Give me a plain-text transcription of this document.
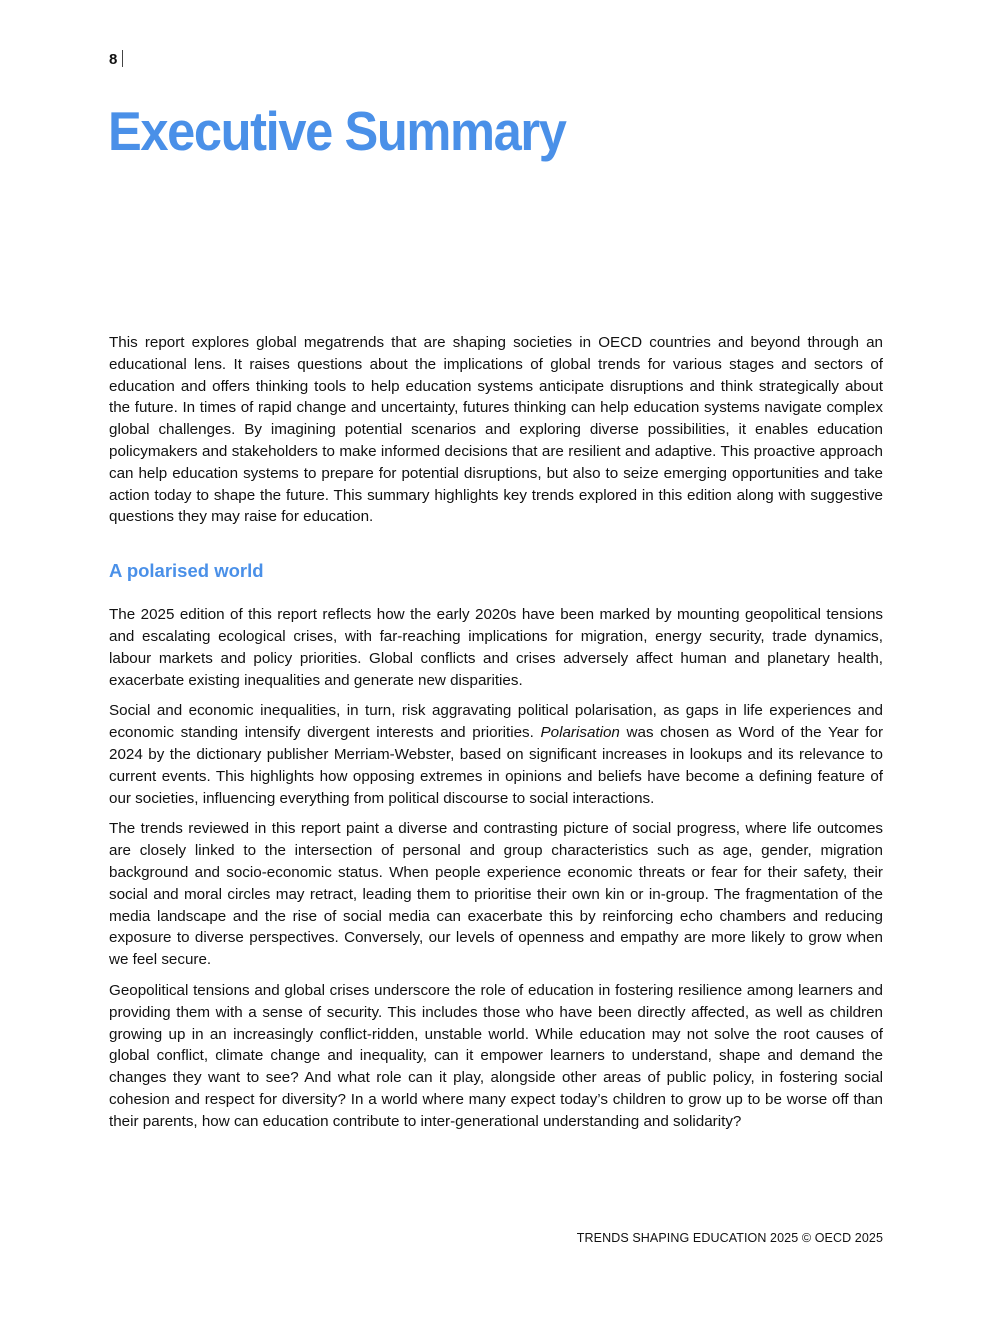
8
Executive Summary

This report explores global megatrends that are shaping societies in OECD countries and beyond through an educational lens. It raises questions about the implications of global trends for various stages and sectors of education and offers thinking tools to help education systems anticipate disruptions and think strategically about the future. In times of rapid change and uncertainty, futures thinking can help education systems navigate complex global challenges. By imagining potential scenarios and exploring diverse possibilities, it enables education policymakers and stakeholders to make informed decisions that are resilient and adaptive. This proactive approach can help education systems to prepare for potential disruptions, but also to seize emerging opportunities and take action today to shape the future. This summary highlights key trends explored in this edition along with suggestive questions they may raise for education.

A polarised world

The 2025 edition of this report reflects how the early 2020s have been marked by mounting geopolitical tensions and escalating ecological crises, with far-reaching implications for migration, energy security, trade dynamics, labour markets and policy priorities. Global conflicts and crises adversely affect human and planetary health, exacerbate existing inequalities and generate new disparities.

Social and economic inequalities, in turn, risk aggravating political polarisation, as gaps in life experiences and economic standing intensify divergent interests and priorities. Polarisation was chosen as Word of the Year for 2024 by the dictionary publisher Merriam-Webster, based on significant increases in lookups and its relevance to current events. This highlights how opposing extremes in opinions and beliefs have become a defining feature of our societies, influencing everything from political discourse to social interactions.

The trends reviewed in this report paint a diverse and contrasting picture of social progress, where life outcomes are closely linked to the intersection of personal and group characteristics such as age, gender, migration background and socio-economic status. When people experience economic threats or fear for their safety, their social and moral circles may retract, leading them to prioritise their own kin or in-group. The fragmentation of the media landscape and the rise of social media can exacerbate this by reinforcing echo chambers and reducing exposure to diverse perspectives. Conversely, our levels of openness and empathy are more likely to grow when we feel secure.

Geopolitical tensions and global crises underscore the role of education in fostering resilience among learners and providing them with a sense of security. This includes those who have been directly affected, as well as children growing up in an increasingly conflict-ridden, unstable world. While education may not solve the root causes of global conflict, climate change and inequality, can it empower learners to understand, shape and demand the changes they want to see? And what role can it play, alongside other areas of public policy, in fostering social cohesion and respect for diversity? In a world where many expect today’s children to grow up to be worse off than their parents, how can education contribute to inter-generational understanding and solidarity?

TRENDS SHAPING EDUCATION 2025 © OECD 2025
